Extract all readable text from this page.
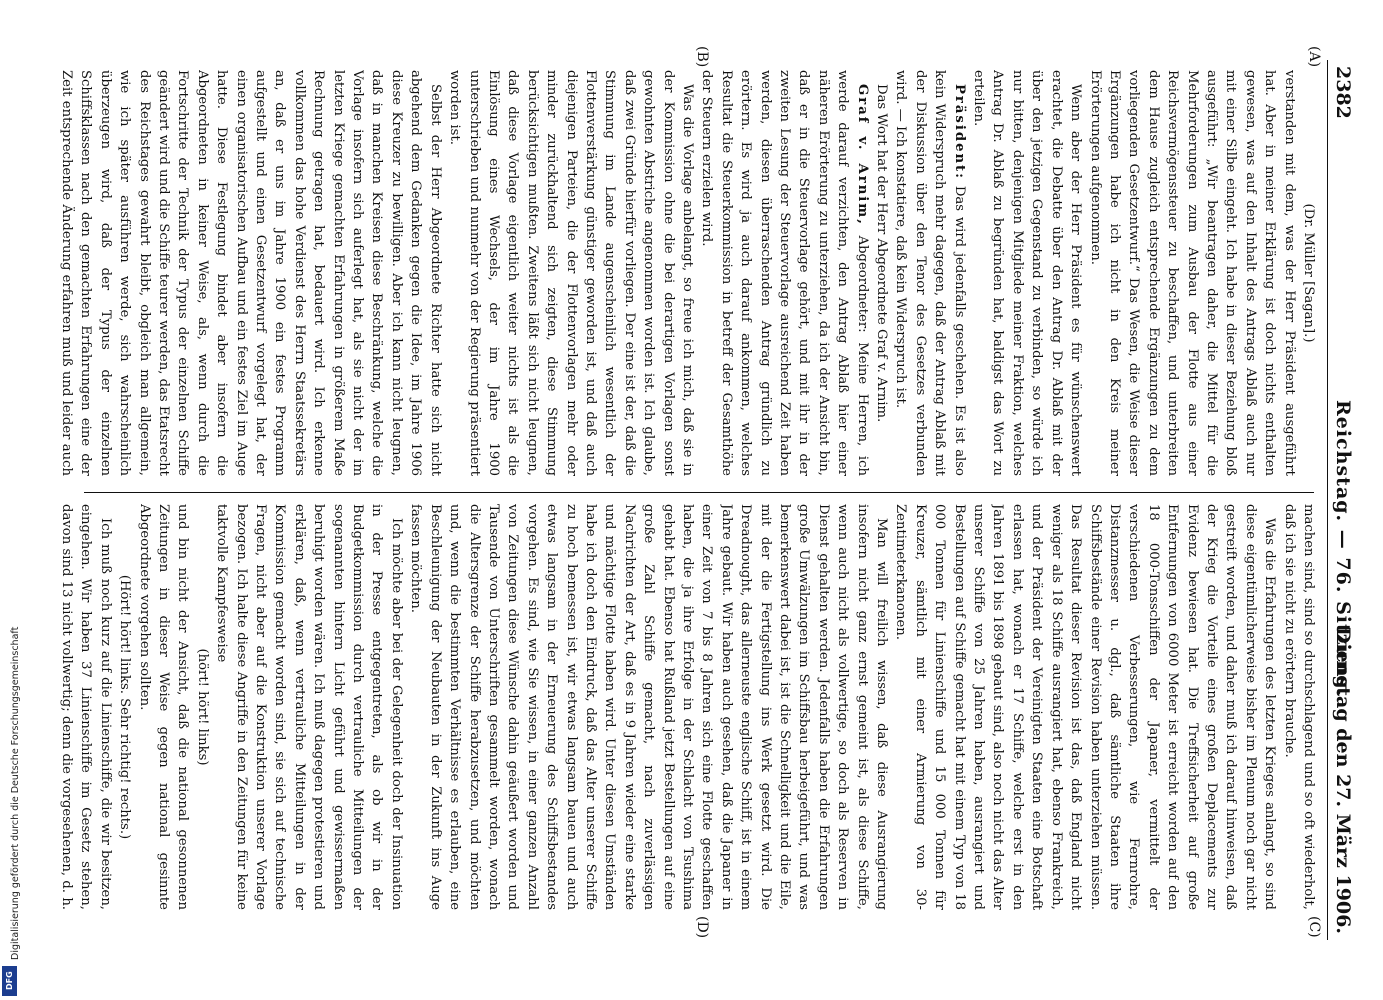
Digitalisierung gefördert durch die Deutsche Forschungsgemeinschaft
DFG
2382
Reichstag. — 76. Sitzung.
Dienstag den 27. März 1906.
(A)
(B)
(C)
(D)

(Dr. Müller [Sagan].)

verstanden mit dem, was der Herr Präsident ausgeführt hat. Aber in meiner Erklärung ist doch nichts enthalten gewesen, was auf den Inhalt des Antrags Ablaß auch nur mit einer Silbe eingeht. Ich habe in dieser Beziehung bloß ausgeführt: „Wir beantragen daher, die Mittel für die Mehrforderungen zum Ausbau der Flotte aus einer Reichsvermögenssteuer zu beschaffen, und unterbreiten dem Hause zugleich entsprechende Ergänzungen zu dem vorliegenden Gesetzentwurf.“ Das Wesen, die Weise dieser Ergänzungen habe ich nicht in den Kreis meiner Erörterungen aufgenommen.

Wenn aber der Herr Präsident es für wünschenswert erachtet, die Debatte über den Antrag Dr. Ablaß mit der über den jetzigen Gegenstand zu verbinden, so würde ich nur bitten, denjenigen Mitgliede meiner Fraktion, welches Antrag Dr. Ablaß zu begründen hat, baldigst das Wort zu erteilen.

Präsident: Das wird jedenfalls geschehen. Es ist also kein Widerspruch mehr dagegen, daß der Antrag Ablaß mit der Diskussion über den Tenor des Gesetzes verbunden wird. — Ich konstatiere, daß kein Widerspruch ist.

Das Wort hat der Herr Abgeordnete Graf v. Arnim.

Graf v. Arnim, Abgeordneter: Meine Herren, ich werde darauf verzichten, den Antrag Ablaß hier einer näheren Erörterung zu unterziehen, da ich der Ansicht bin, daß er in die Steuervorlage gehört, und mit ihr in der zweiten Lesung der Steuervorlage ausreichend Zeit haben werden, diesen überraschenden Antrag gründlich zu erörtern. Es wird ja auch darauf ankommen, welches Resultat die Steuerkommission in betreff der Gesamthöhe der Steuern erzielen wird.

Was die Vorlage anbelangt, so freue ich mich, daß sie in der Kommission ohne die bei derartigen Vorlagen sonst gewohnten Abstriche angenommen worden ist. Ich glaube, daß zwei Gründe hierfür vorliegen. Der eine ist der, daß die Stimmung im Lande augenscheinlich wesentlich der Flottenverstärkung günstiger geworden ist, und daß auch diejenigen Parteien, die der Flottenvorlagen mehr oder minder zurückhaltend sich zeigten, diese Stimmung berücksichtigen mußten. Zweitens läßt sich nicht leugnen, daß diese Vorlage eigentlich weiter nichts ist als die Einlösung eines Wechsels, der im Jahre 1900 unterschrieben und nunmehr von der Regierung präsentiert worden ist.

Selbst der Herr Abgeordnete Richter hatte sich nicht abgehend dem Gedanken gegen die Idee, im Jahre 1906 diese Kreuzer zu bewilligen. Aber ich kann nicht leugnen, daß in manchen Kreisen diese Beschränkung, welche die Vorlage insofern sich auferlegt hat, als sie nicht der im letzten Kriege gemachten Erfahrungen in größerem Maße Rechnung getragen hat, bedauert wird. Ich erkenne vollkommen das hohe Verdienst des Herrn Staatssekretärs an, daß er uns im Jahre 1900 ein festes Programm aufgestellt und einen Gesetzentwurf vorgelegt hat, der einen organisatorischen Aufbau und ein festes Ziel im Auge hatte. Diese Festlegung bindet aber insofern die Abgeordneten in keiner Weise, als, wenn durch die Fortschritte der Technik der Typus der einzelnen Schiffe geändert wird und die Schiffe teurer werden, das Etatsrecht des Reichstages gewahrt bleibt, obgleich man allgemein, wie ich später ausführen werde, sich wahrscheinlich überzeugen wird, daß der Typus der einzelnen Schiffsklassen nach den gemachten Erfahrungen eine der Zeit entsprechende Änderung erfahren muß und leider auch

machen sind, sind so durchschlagend und so oft wiederholt, daß ich sie nicht zu erörtern brauche.

Was die Erfahrungen des letzten Krieges anlangt, so sind diese eigentümlicherweise bisher im Plenum noch gar nicht gestreift worden, und daher muß ich darauf hinweisen, daß der Krieg die Vorteile eines großen Deplacements zur Evidenz bewiesen hat. Die Treffsicherheit auf große Entfernungen von 6000 Meter ist erreicht worden auf den 18 000-Tonsschiffen der Japaner, vermittelt der verschiedenen Verbesserungen, wie Fernrohre, Distanzmesser u. dgl., daß sämtliche Staaten ihre Schiffsbestände einer Revision haben unterziehen müssen. Das Resultat dieser Revision ist das, daß England nicht weniger als 18 Schiffe ausrangiert hat, ebenso Frankreich, und der Präsident der Vereinigten Staaten eine Botschaft erlassen hat, wonach er 17 Schiffe, welche erst in den Jahren 1891 bis 1898 gebaut sind, also noch nicht das Alter unserer Schiffe von 25 Jahren haben, ausrangiert und Bestellungen auf Schiffe gemacht hat mit einem Typ von 18 000 Tonnen für Linienschiffe und 15 000 Tonnen für Kreuzer, sämtlich mit einer Armierung von 30-Zentimeterkanonen.

Man will freilich wissen, daß diese Ausrangierung insofern nicht ganz ernst gemeint ist, als diese Schiffe, wenn auch nicht als vollwertige, so doch als Reserven in Dienst gehalten werden. Jedenfalls haben die Erfahrungen große Umwälzungen im Schiffsbau herbeigeführt, und was bemerkenswert dabei ist, ist die Schnelligkeit und die Eile, mit der die Fertigstellung ins Werk gesetzt wird. Die Dreadnought, das allerneuste englische Schiff, ist in einem Jahre gebaut. Wir haben auch gesehen, daß die Japaner in einer Zeit von 7 bis 8 Jahren sich eine Flotte geschaffen haben, die ja ihre Erfolge in der Schlacht von Tsushima gehabt hat. Ebenso hat Rußland jetzt Bestellungen auf eine große Zahl Schiffe gemacht, nach zuverlässigen Nachrichten der Art, daß es in 9 Jahren wieder eine starke und mächtige Flotte haben wird. Unter diesen Umständen habe ich doch den Eindruck, daß das Alter unserer Schiffe zu hoch bemessen ist, wir etwas langsam bauen und auch etwas langsam in der Erneuerung des Schiffsbestandes vorgehen. Es sind, wie Sie wissen, in einer ganzen Anzahl von Zeitungen diese Wünsche dahin geäußert worden und Tausende von Unterschriften gesammelt worden, wonach die Altersgrenze der Schiffe herabzusetzen, und möchten und, wenn die bestimmten Verhältnisse es erlauben, eine Beschleunigung der Neubauten in der Zukunft ins Auge fassen möchten.

Ich möchte aber bei der Gelegenheit doch der Insinuation in der Presse entgegentreten, als ob wir in der Budgetkommission durch vertrauliche Mitteilungen der sogenannten hintern Licht geführt und gewissermaßen beruhigt worden wären. Ich muß dagegen protestieren und erklären, daß, wenn vertrauliche Mitteilungen in der Kommission gemacht worden sind, sie sich auf technische Fragen, nicht aber auf die Konstruktion unserer Vorlage bezogen. Ich halte diese Angriffe in den Zeitungen für keine taktvolle Kampfesweise

(hört! hört! links)

und bin nicht der Ansicht, daß die national gesonnenen Zeitungen in dieser Weise gegen national gesinnte Abgeordnete vorgehen sollten.

(Hört! hört! links. Sehr richtig! rechts.)

Ich muß noch kurz auf die Linienschiffe, die wir besitzen, eingehen. Wir haben 37 Linienschiffe im Gesetz stehen, davon sind 13 nicht vollwertig; denn die vorgesehenen, d. h.
